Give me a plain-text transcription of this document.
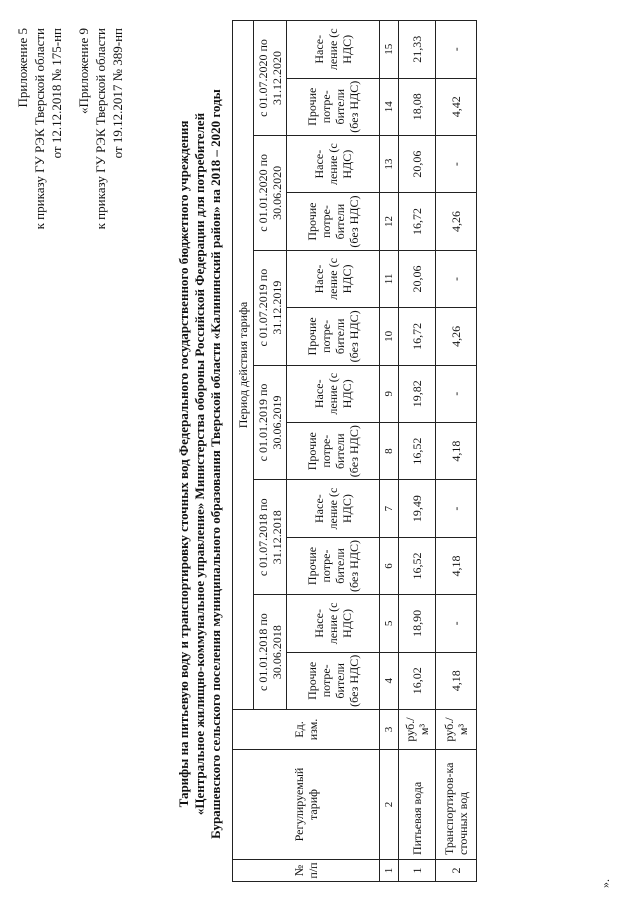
Приложение 5 к приказу ГУ РЭК Тверской области от 12.12.2018 № 175-нп «Приложение 9 к приказу ГУ РЭК Тверской области от 19.12.2017 № 389-нп
Тарифы на питьевую воду и транспортировку сточных вод Федерального государственного бюджетного учреждения «Центральное жилищно-коммунальное управление» Министерства обороны Российской Федерации для потребителей Бурашевского сельского поселения муниципального образования Тверской области «Калининский район» на 2018 – 2020 годы
№ п/п	Регулируемый тариф	Ед. изм.	Период действия тарифа											
			с 01.01.2018 по 30.06.2018		с 01.07.2018 по 31.12.2018		с 01.01.2019 по 30.06.2019		с 01.07.2019 по 31.12.2019		с 01.01.2020 по 30.06.2020		с 01.07.2020 по 31.12.2020	
			Прочие потре-бители (без НДС)	Насе-ление (с НДС)	Прочие потре-бители (без НДС)	Насе-ление (с НДС)	Прочие потре-бители (без НДС)	Насе-ление (с НДС)	Прочие потре-бители (без НДС)	Насе-ление (с НДС)	Прочие потре-бители (без НДС)	Насе-ление (с НДС)	Прочие потре-бители (без НДС)	Насе-ление (с НДС)
1	2	3	4	5	6	7	8	9	10	11	12	13	14	15
1	Питьевая вода	руб./м³	16,02	18,90	16,52	19,49	16,52	19,82	16,72	20,06	16,72	20,06	18,08	21,33
2	Транспортиров-ка сточных вод	руб./м³	4,18	-	4,18	-	4,18	-	4,26	-	4,26	-	4,42	-
».
